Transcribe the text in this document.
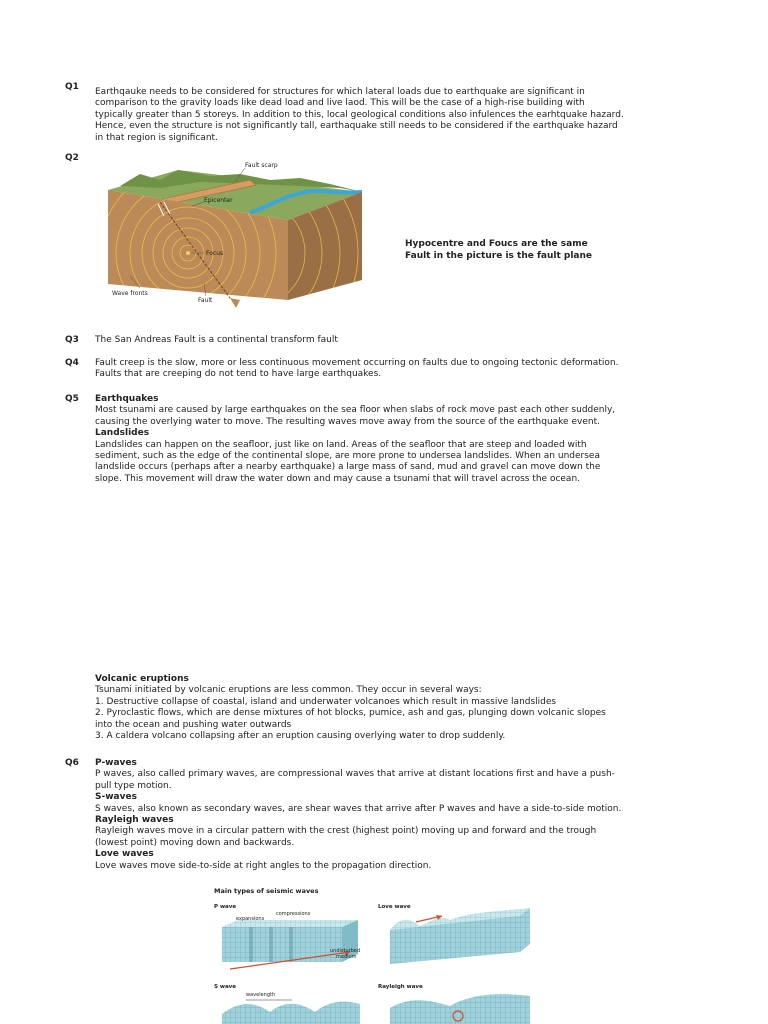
Q1 Earthqauke needs to be considered for structures for which lateral loads due to earthquake are significant in comparison to the gravity loads like dead load and live laod. This will be the case of a high-rise building with typically greater than 5 storeys. In addition to this, local geological conditions also infulences the earhtquake hazard. Hence, even the structure is not significantly tall, earthaquake still needs to be considered if the earthquake hazard in that region is significant.

Q2
Fault scarp
Epicenter
Focus
Wave fronts
Fault
Hypocentre and Foucs are the same
Fault in the picture is the fault plane
Q3 The San Andreas Fault is a continental transform fault

Q4 Fault creep is the slow, more or less continuous movement occurring on faults due to ongoing tectonic deformation. Faults that are creeping do not tend to have large earthquakes.

Q5 Earthquakes

Most tsunami are caused by large earthquakes on the sea floor when slabs of rock move past each other suddenly, causing the overlying water to move. The resulting waves move away from the source of the earthquake event.

Landslides

Landslides can happen on the seafloor, just like on land. Areas of the seafloor that are steep and loaded with sediment, such as the edge of the continental slope, are more prone to undersea landslides. When an undersea landslide occurs (perhaps after a nearby earthquake) a large mass of sand, mud and gravel can move down the slope. This movement will draw the water down and may cause a tsunami that will travel across the ocean.

Volcanic eruptions

Tsunami initiated by volcanic eruptions are less common. They occur in several ways:

1. Destructive collapse of coastal, island and underwater volcanoes which result in massive landslides

2. Pyroclastic flows, which are dense mixtures of hot blocks, pumice, ash and gas, plunging down volcanic slopes into the ocean and pushing water outwards

3. A caldera volcano collapsing after an eruption causing overlying water to drop suddenly.

Q6 P-waves

P waves, also called primary waves, are compressional waves that arrive at distant locations first and have a push-pull type motion.

S-waves

S waves, also known as secondary waves, are shear waves that arrive after P waves and have a side-to-side motion.

Rayleigh waves

Rayleigh waves move in a circular pattern with the crest (highest point) moving up and forward and the trough (lowest point) moving down and backwards.

Love waves

Love waves move side-to-side at right angles to the propagation direction.

Main types of seismic waves
P wave
expansions
compressions
undisturbed
medium
Love wave
S wave
wavelength
Rayleigh wave
